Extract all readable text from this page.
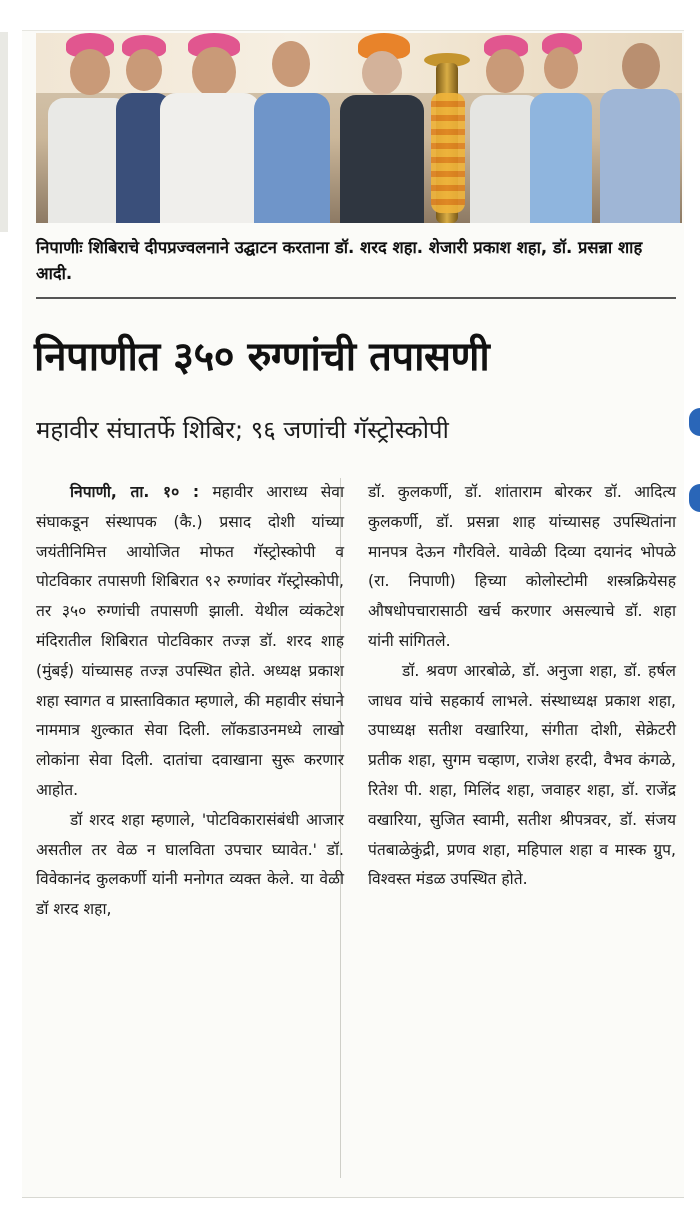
निपाणीः शिबिराचे दीपप्रज्वलनाने उद्घाटन करताना डॉ. शरद शहा. शेजारी प्रकाश शहा, डॉ. प्रसन्ना शाह आदी.
निपाणीत ३५० रुग्णांची तपासणी
महावीर संघातर्फे शिबिर; ९६ जणांची गॅस्ट्रोस्कोपी

निपाणी, ता. १० : महावीर आराध्य सेवा संघाकडून संस्थापक (कै.) प्रसाद दोशी यांच्या जयंतीनिमित्त आयोजित मोफत गॅस्ट्रोस्कोपी व पोटविकार तपासणी शिबिरात ९२ रुग्णांवर गॅस्ट्रोस्कोपी, तर ३५० रुग्णांची तपासणी झाली. येथील व्यंकटेश मंदिरातील शिबिरात पोटविकार तज्ज्ञ डॉ. शरद शाह (मुंबई) यांच्यासह तज्ज्ञ उपस्थित होते. अध्यक्ष प्रकाश शहा स्वागत व प्रास्ताविकात म्हणाले, की महावीर संघाने नाममात्र शुल्कात सेवा दिली. लॉकडाउनमध्ये लाखो लोकांना सेवा दिली. दातांचा दवाखाना सुरू करणार आहोत.

डॉ शरद शहा म्हणाले, 'पोटविकारासंबंधी आजार असतील तर वेळ न घालविता उपचार घ्यावेत.' डॉ. विवेकानंद कुलकर्णी यांनी मनोगत व्यक्त केले. या वेळी डॉ शरद शहा,

डॉ. कुलकर्णी, डॉ. शांताराम बोरकर डॉ. आदित्य कुलकर्णी, डॉ. प्रसन्ना शाह यांच्यासह उपस्थितांना मानपत्र देऊन गौरविले. यावेळी दिव्या दयानंद भोपळे (रा. निपाणी) हिच्या कोलोस्टोमी शस्त्रक्रियेसह औषधोपचारासाठी खर्च करणार असल्याचे डॉ. शहा यांनी सांगितले.

डॉ. श्रवण आरबोळे, डॉ. अनुजा शहा, डॉ. हर्षल जाधव यांचे सहकार्य लाभले. संस्थाध्यक्ष प्रकाश शहा, उपाध्यक्ष सतीश वखारिया, संगीता दोशी, सेक्रेटरी प्रतीक शहा, सुगम चव्हाण, राजेश हरदी, वैभव कंगळे, रितेश पी. शहा, मिलिंद शहा, जवाहर शहा, डॉ. राजेंद्र वखारिया, सुजित स्वामी, सतीश श्रीपत्रवर, डॉ. संजय पंतबाळेकुंद्री, प्रणव शहा, महिपाल शहा व मास्क ग्रुप, विश्वस्त मंडळ उपस्थित होते.
